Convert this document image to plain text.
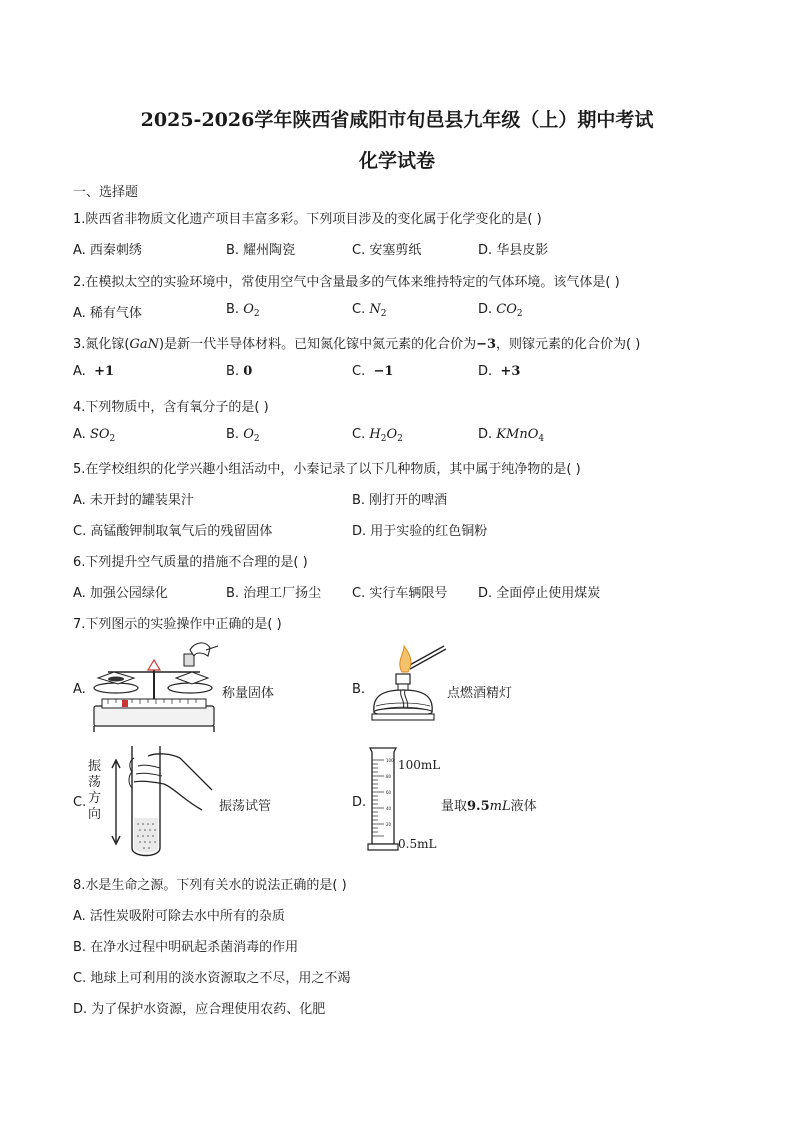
2025-2026学年陕西省咸阳市旬邑县九年级（上）期中考试
化学试卷
一、选择题
1.陕西省非物质文化遗产项目丰富多彩。下列项目涉及的变化属于化学变化的是( )
A. 西秦刺绣	B. 耀州陶瓷	C. 安塞剪纸	D. 华县皮影
2.在模拟太空的实验环境中，常使用空气中含量最多的气体来维持特定的气体环境。该气体是( )
A. 稀有气体	B. $O_2$	C. $N_2$	D. $CO_2$
3.氮化镓(GaN)是新一代半导体材料。已知氮化镓中氮元素的化合价为−3，则镓元素的化合价为( )
A. +1	B. 0	C. −1	D. +3
4.下列物质中，含有氧分子的是( )
A. $SO_2$	B. $O_2$	C. $H_2O_2$	D. KMnO$_4$
5.在学校组织的化学兴趣小组活动中，小秦记录了以下几种物质，其中属于纯净物的是( )
A. 未开封的罐装果汁	B. 刚打开的啤酒
C. 高锰酸钾制取氧气后的残留固体	D. 用于实验的红色铜粉
6.下列提升空气质量的措施不合理的是( )
A. 加强公园绿化	B. 治理工厂扬尘 C. 实行车辆限号 D. 全面停止使用煤炭
7.下列图示的实验操作中正确的是( )
A.	称量固体	B.	点燃酒精灯
C.
振
荡
方
向
振荡试管	D.
100
80
60
40
20
100mL
0.5mL
量取9.5mL液体
8.水是生命之源。下列有关水的说法正确的是( )
A. 活性炭吸附可除去水中所有的杂质
B. 在净水过程中明矾起杀菌消毒的作用
C. 地球上可利用的淡水资源取之不尽，用之不竭
D. 为了保护水资源，应合理使用农药、化肥
